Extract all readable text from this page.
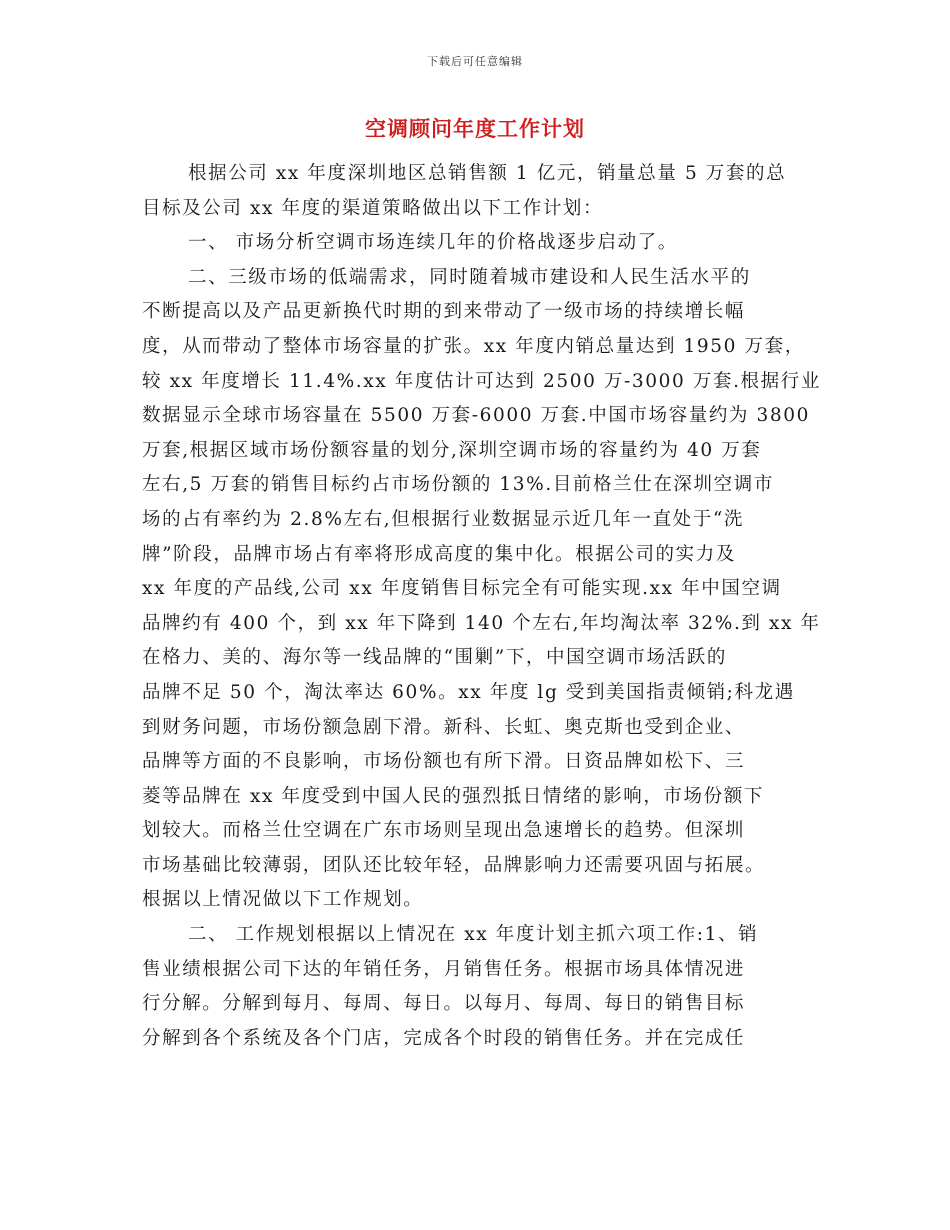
下载后可任意编辑
空调顾问年度工作计划
根据公司 xx 年度深圳地区总销售额 1 亿元，销量总量 5 万套的总
目标及公司 xx 年度的渠道策略做出以下工作计划：
一、 市场分析空调市场连续几年的价格战逐步启动了。
二、三级市场的低端需求，同时随着城市建设和人民生活水平的
不断提高以及产品更新换代时期的到来带动了一级市场的持续增长幅
度，从而带动了整体市场容量的扩张。xx 年度内销总量达到 1950 万套，
较 xx 年度增长 11.4%.xx 年度估计可达到 2500 万-3000 万套.根据行业
数据显示全球市场容量在 5500 万套-6000 万套.中国市场容量约为 3800
万套,根据区域市场份额容量的划分,深圳空调市场的容量约为 40 万套
左右,5 万套的销售目标约占市场份额的 13%.目前格兰仕在深圳空调市
场的占有率约为 2.8%左右,但根据行业数据显示近几年一直处于“洗
牌”阶段，品牌市场占有率将形成高度的集中化。根据公司的实力及
xx 年度的产品线,公司 xx 年度销售目标完全有可能实现.xx 年中国空调
品牌约有 400 个，到 xx 年下降到 140 个左右,年均淘汰率 32%.到 xx 年
在格力、美的、海尔等一线品牌的“围剿”下，中国空调市场活跃的
品牌不足 50 个，淘汰率达 60%。xx 年度 lg 受到美国指责倾销;科龙遇
到财务问题，市场份额急剧下滑。新科、长虹、奥克斯也受到企业、
品牌等方面的不良影响，市场份额也有所下滑。日资品牌如松下、三
菱等品牌在 xx 年度受到中国人民的强烈抵日情绪的影响，市场份额下
划较大。而格兰仕空调在广东市场则呈现出急速增长的趋势。但深圳
市场基础比较薄弱，团队还比较年轻，品牌影响力还需要巩固与拓展。
根据以上情况做以下工作规划。
二、 工作规划根据以上情况在 xx 年度计划主抓六项工作:1、销
售业绩根据公司下达的年销任务，月销售任务。根据市场具体情况进
行分解。分解到每月、每周、每日。以每月、每周、每日的销售目标
分解到各个系统及各个门店，完成各个时段的销售任务。并在完成任
